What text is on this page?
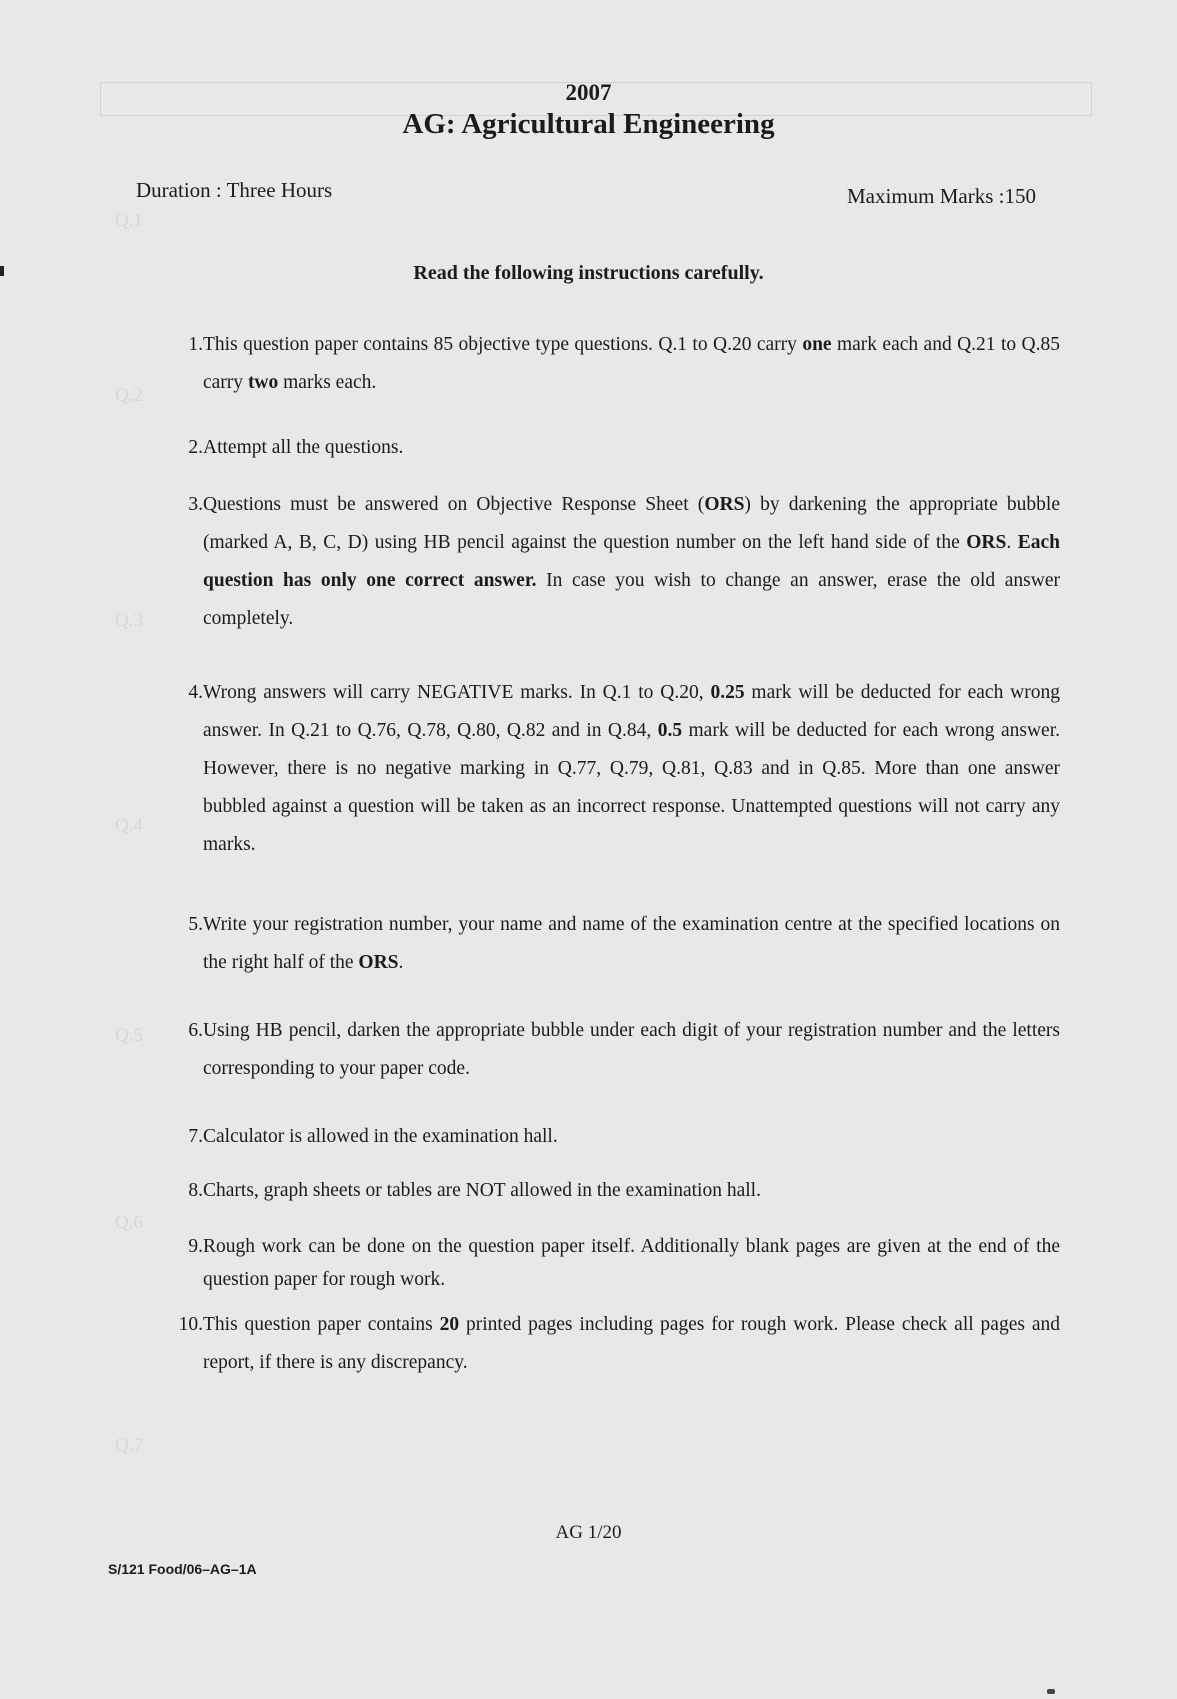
Q.1
Q.2
Q.3
Q.4
Q.5
Q.6
Q.7
2007
AG: Agricultural Engineering
Duration : Three Hours	Maximum Marks :150
Read the following instructions carefully.
1. This question paper contains 85 objective type questions. Q.1 to Q.20 carry one mark each and Q.21 to Q.85 carry two marks each.
2. Attempt all the questions.
3. Questions must be answered on Objective Response Sheet (ORS) by darkening the appropriate bubble (marked A, B, C, D) using HB pencil against the question number on the left hand side of the ORS. Each question has only one correct answer. In case you wish to change an answer, erase the old answer completely.
4. Wrong answers will carry NEGATIVE marks. In Q.1 to Q.20, 0.25 mark will be deducted for each wrong answer. In Q.21 to Q.76, Q.78, Q.80, Q.82 and in Q.84, 0.5 mark will be deducted for each wrong answer. However, there is no negative marking in Q.77, Q.79, Q.81, Q.83 and in Q.85. More than one answer bubbled against a question will be taken as an incorrect response. Unattempted questions will not carry any marks.
5. Write your registration number, your name and name of the examination centre at the specified locations on the right half of the ORS.
6. Using HB pencil, darken the appropriate bubble under each digit of your registration number and the letters corresponding to your paper code.
7. Calculator is allowed in the examination hall.
8. Charts, graph sheets or tables are NOT allowed in the examination hall.
9. Rough work can be done on the question paper itself. Additionally blank pages are given at the end of the question paper for rough work.
10. This question paper contains 20 printed pages including pages for rough work. Please check all pages and report, if there is any discrepancy.
AG 1/20
S/121 Food/06–AG–1A
